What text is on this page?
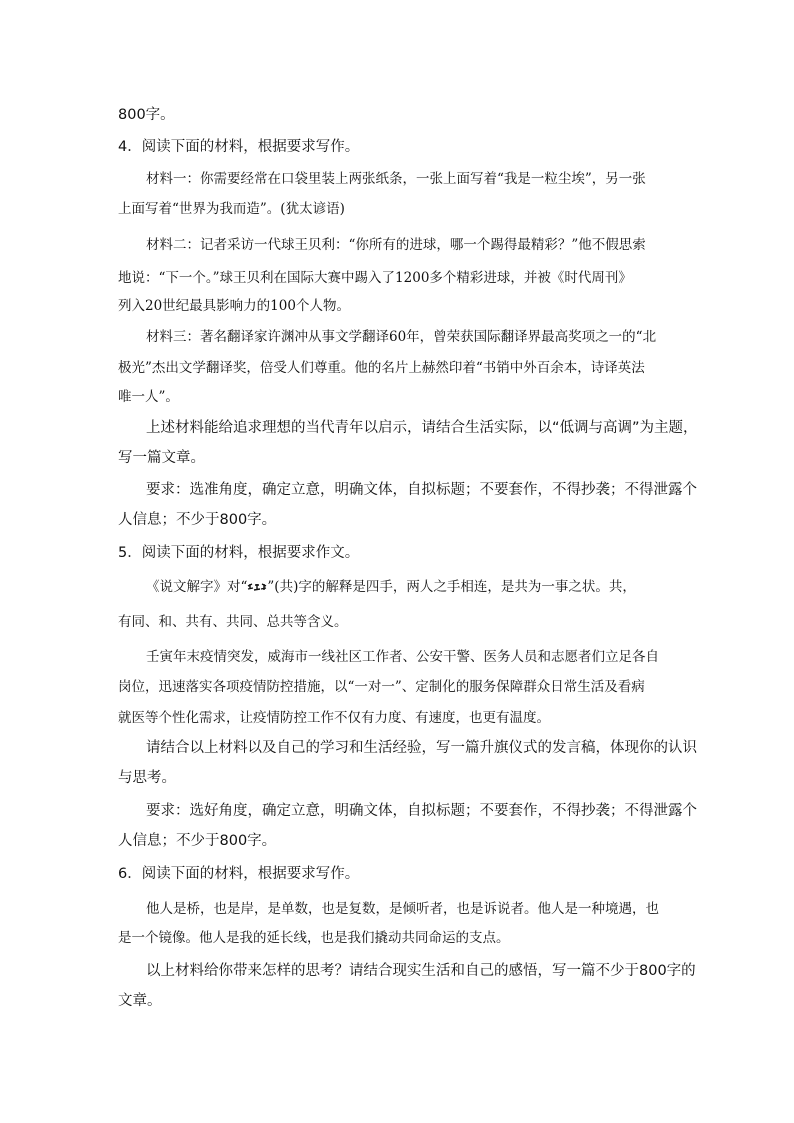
800字。

4．阅读下面的材料，根据要求写作。

材料一：你需要经常在口袋里装上两张纸条，一张上面写着“我是一粒尘埃”，另一张

上面写着“世界为我而造”。(犹太谚语)

材料二：记者采访一代球王贝利：“你所有的进球，哪一个踢得最精彩？”他不假思索

地说：“下一个。”球王贝利在国际大赛中踢入了1200多个精彩进球，并被《时代周刊》

列入20世纪最具影响力的100个人物。

材料三：著名翻译家许渊冲从事文学翻译60年，曾荣获国际翻译界最高奖项之一的“北

极光”杰出文学翻译奖，倍受人们尊重。他的名片上赫然印着“书销中外百余本，诗译英法

唯一人”。

上述材料能给追求理想的当代青年以启示，请结合生活实际，以“低调与高调”为主题，

写一篇文章。

要求：选准角度，确定立意，明确文体，自拟标题；不要套作，不得抄袭；不得泄露个

人信息；不少于800字。

5．阅读下面的材料，根据要求作文。

《说文解字》对“ ”(共)字的解释是四手，两人之手相连，是共为一事之状。共，

有同、和、共有、共同、总共等含义。

壬寅年末疫情突发，威海市一线社区工作者、公安干警、医务人员和志愿者们立足各自

岗位，迅速落实各项疫情防控措施，以“一对一”、定制化的服务保障群众日常生活及看病

就医等个性化需求，让疫情防控工作不仅有力度、有速度，也更有温度。

请结合以上材料以及自己的学习和生活经验，写一篇升旗仪式的发言稿，体现你的认识

与思考。

要求：选好角度，确定立意，明确文体，自拟标题；不要套作，不得抄袭；不得泄露个

人信息；不少于800字。

6．阅读下面的材料，根据要求写作。

他人是桥，也是岸，是单数，也是复数，是倾听者，也是诉说者。他人是一种境遇，也

是一个镜像。他人是我的延长线，也是我们撬动共同命运的支点。

以上材料给你带来怎样的思考？请结合现实生活和自己的感悟，写一篇不少于800字的

文章。
